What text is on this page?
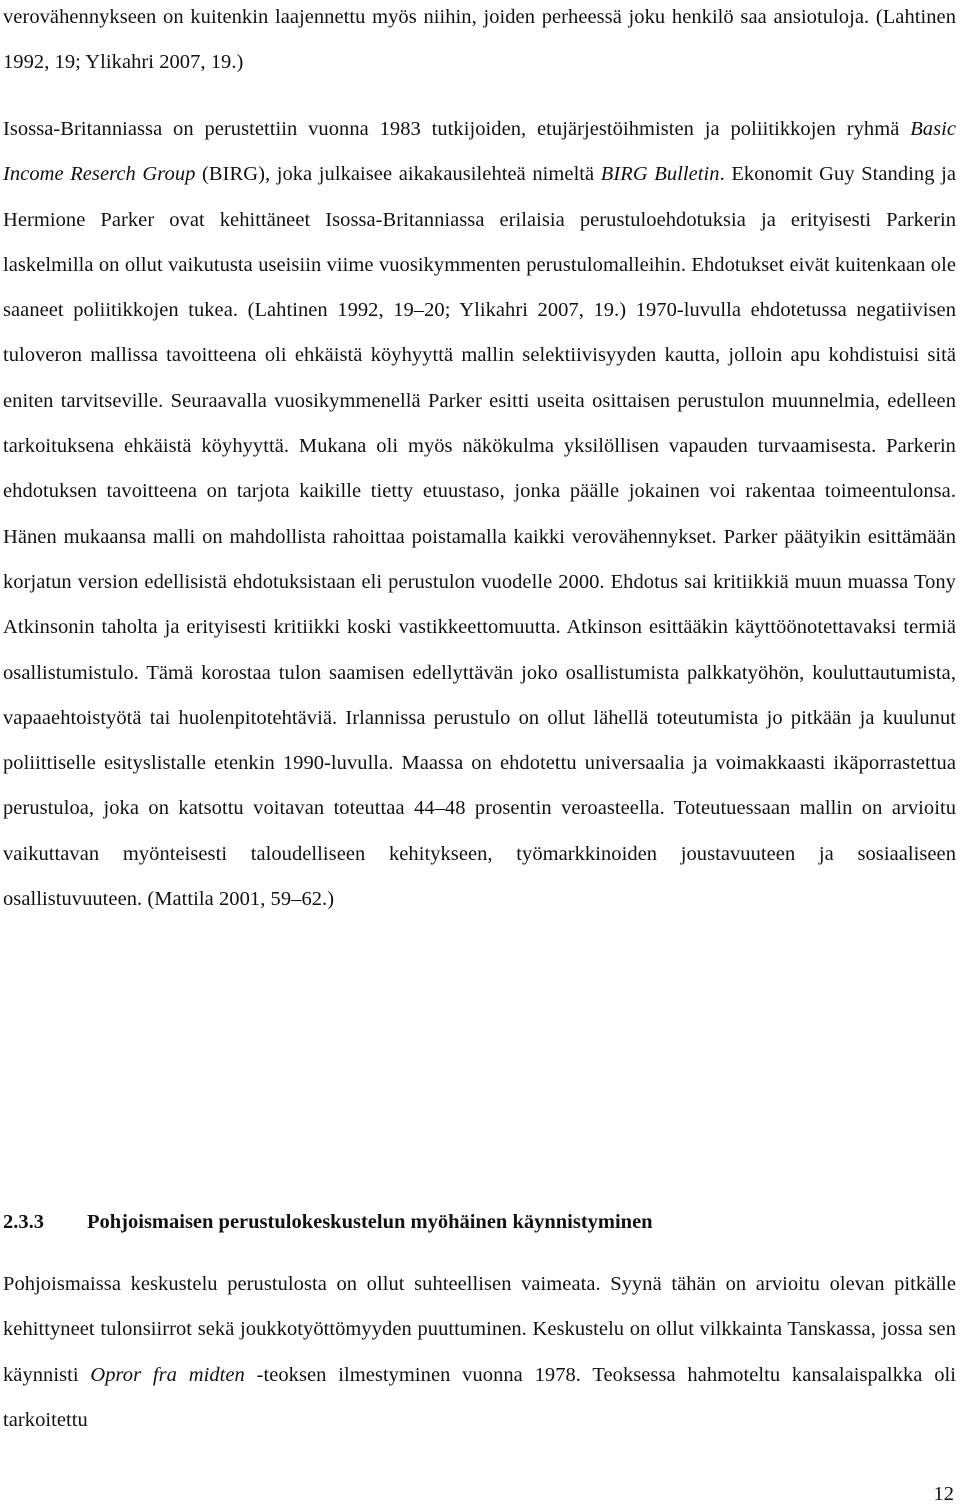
verovähennykseen on kuitenkin laajennettu myös niihin, joiden perheessä joku henkilö saa ansiotuloja. (Lahtinen 1992, 19; Ylikahri 2007, 19.)

Isossa-Britanniassa on perustettiin vuonna 1983 tutkijoiden, etujärjestöihmisten ja poliitikkojen ryhmä Basic Income Reserch Group (BIRG), joka julkaisee aikakausilehteä nimeltä BIRG Bulletin. Ekonomit Guy Standing ja Hermione Parker ovat kehittäneet Isossa-Britanniassa erilaisia perustuloehdotuksia ja erityisesti Parkerin laskelmilla on ollut vaikutusta useisiin viime vuosikymmenten perustulomalleihin. Ehdotukset eivät kuitenkaan ole saaneet poliitikkojen tukea. (Lahtinen 1992, 19–20; Ylikahri 2007, 19.) 1970-luvulla ehdotetussa negatiivisen tuloveron mallissa tavoitteena oli ehkäistä köyhyyttä mallin selektiivisyyden kautta, jolloin apu kohdistuisi sitä eniten tarvitseville. Seuraavalla vuosikymmenellä Parker esitti useita osittaisen perustulon muunnelmia, edelleen tarkoituksena ehkäistä köyhyyttä. Mukana oli myös näkökulma yksilöllisen vapauden turvaamisesta. Parkerin ehdotuksen tavoitteena on tarjota kaikille tietty etuustaso, jonka päälle jokainen voi rakentaa toimeentulonsa. Hänen mukaansa malli on mahdollista rahoittaa poistamalla kaikki verovähennykset. Parker päätyikin esittämään korjatun version edellisistä ehdotuksistaan eli perustulon vuodelle 2000. Ehdotus sai kritiikkiä muun muassa Tony Atkinsonin taholta ja erityisesti kritiikki koski vastikkeettomuutta. Atkinson esittääkin käyttöönotettavaksi termiä osallistumistulo. Tämä korostaa tulon saamisen edellyttävän joko osallistumista palkkatyöhön, kouluttautumista, vapaaehtoistyötä tai huolenpitotehtäviä. Irlannissa perustulo on ollut lähellä toteutumista jo pitkään ja kuulunut poliittiselle esityslistalle etenkin 1990-luvulla. Maassa on ehdotettu universaalia ja voimakkaasti ikäporrastettua perustuloa, joka on katsottu voitavan toteuttaa 44–48 prosentin veroasteella. Toteutuessaan mallin on arvioitu vaikuttavan myönteisesti taloudelliseen kehitykseen, työmarkkinoiden joustavuuteen ja sosiaaliseen osallistuvuuteen. (Mattila 2001, 59–62.)

2.3.3 Pohjoismaisen perustulokeskustelun myöhäinen käynnistyminen

Pohjoismaissa keskustelu perustulosta on ollut suhteellisen vaimeata. Syynä tähän on arvioitu olevan pitkälle kehittyneet tulonsiirrot sekä joukkotyöttömyyden puuttuminen. Keskustelu on ollut vilkkainta Tanskassa, jossa sen käynnisti Opror fra midten -teoksen ilmestyminen vuonna 1978. Teoksessa hahmoteltu kansalaispalkka oli tarkoitettu

12
